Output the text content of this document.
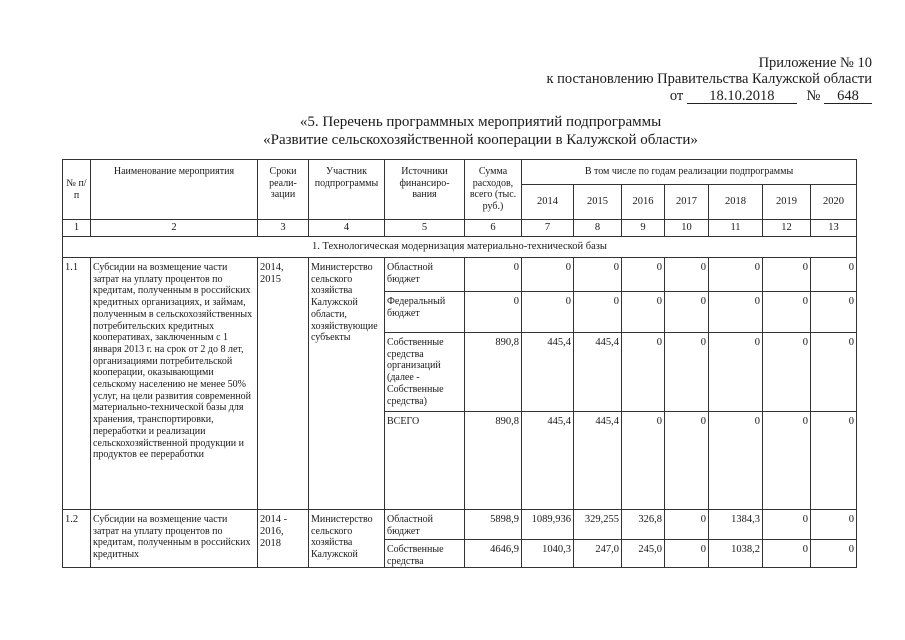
Приложение № 10
к постановлению Правительства Калужской области
от 18.10.2018 № 648
«5. Перечень программных мероприятий подпрограммы
«Развитие сельскохозяйственной кооперации в Калужской области»
№ п/п	Наименование мероприятия	Сроки реали- зации	Участник подпрограммы	Источники финансиро- вания	Сумма расходов, всего (тыс. руб.)	В том числе по годам реализации подпрограммы						
						2014	2015	2016	2017	2018	2019	2020
1	2	3	4	5	6	7	8	9	10	11	12	13
1. Технологическая модернизация материально-технической базы												
1.1	Субсидии на возмещение части затрат на уплату процентов по кредитам, полученным в российских кредитных организациях, и займам, полученным в сельскохозяйственных потребительских кредитных кооперативах, заключенным с 1 января 2013 г. на срок от 2 до 8 лет, организациями потребительской кооперации, оказывающими сельскому населению не менее 50% услуг, на цели развития современной материально-технической базы для хранения, транспортировки, переработки и реализации сельскохозяйственной продукции и продуктов ее переработки	2014, 2015	Министерство сельского хозяйства Калужской области, хозяйствующие субъекты	Областной бюджет	0	0	0	0	0	0	0	0
				Федеральный бюджет	0	0	0	0	0	0	0	0
				Собственные средства организаций (далее - Собственные средства)	890,8	445,4	445,4	0	0	0	0	0
				ВСЕГО	890,8	445,4	445,4	0	0	0	0	0
1.2	Субсидии на возмещение части затрат на уплату процентов по кредитам, полученным в российских кредитных	2014 - 2016, 2018	Министерство сельского хозяйства Калужской	Областной бюджет	5898,9	1089,936	329,255	326,8	0	1384,3	0	0
				Собственные средства	4646,9	1040,3	247,0	245,0	0	1038,2	0	0
